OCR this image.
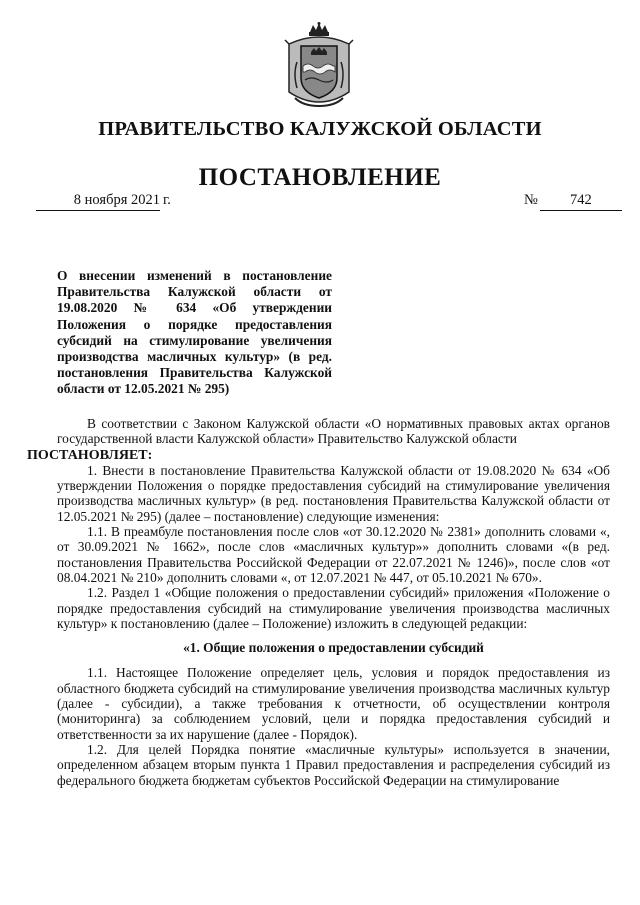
ПРАВИТЕЛЬСТВО КАЛУЖСКОЙ ОБЛАСТИ
ПОСТАНОВЛЕНИЕ
8 ноября 2021 г.	№ 742
О внесении изменений в постановление Правительства Калужской области от 19.08.2020 № 634 «Об утверждении Положения о порядке предоставления субсидий на стимулирование увеличения производства масличных культур» (в ред. постановления Правительства Калужской области от 12.05.2021 № 295)

В соответствии с Законом Калужской области «О нормативных правовых актах органов государственной власти Калужской области» Правительство Калужской области
ПОСТАНОВЛЯЕТ:

1. Внести в постановление Правительства Калужской области от 19.08.2020 № 634 «Об утверждении Положения о порядке предоставления субсидий на стимулирование увеличения производства масличных культур» (в ред. постановления Правительства Калужской области от 12.05.2021 № 295) (далее – постановление) следующие изменения:

1.1. В преамбуле постановления после слов «от 30.12.2020 № 2381» дополнить словами «, от 30.09.2021 № 1662», после слов «масличных культур»» дополнить словами «(в ред. постановления Правительства Российской Федерации от 22.07.2021 № 1246)», после слов «от 08.04.2021 № 210» дополнить словами «, от 12.07.2021 № 447, от 05.10.2021 № 670».

1.2. Раздел 1 «Общие положения о предоставлении субсидий» приложения «Положение о порядке предоставления субсидий на стимулирование увеличения производства масличных культур» к постановлению (далее – Положение) изложить в следующей редакции:

«1. Общие положения о предоставлении субсидий

1.1. Настоящее Положение определяет цель, условия и порядок предоставления из областного бюджета субсидий на стимулирование увеличения производства масличных культур (далее - субсидии), а также требования к отчетности, об осуществлении контроля (мониторинга) за соблюдением условий, цели и порядка предоставления субсидий и ответственности за их нарушение (далее - Порядок).

1.2. Для целей Порядка понятие «масличные культуры» используется в значении, определенном абзацем вторым пункта 1 Правил предоставления и распределения субсидий из федерального бюджета бюджетам субъектов Российской Федерации на стимулирование
